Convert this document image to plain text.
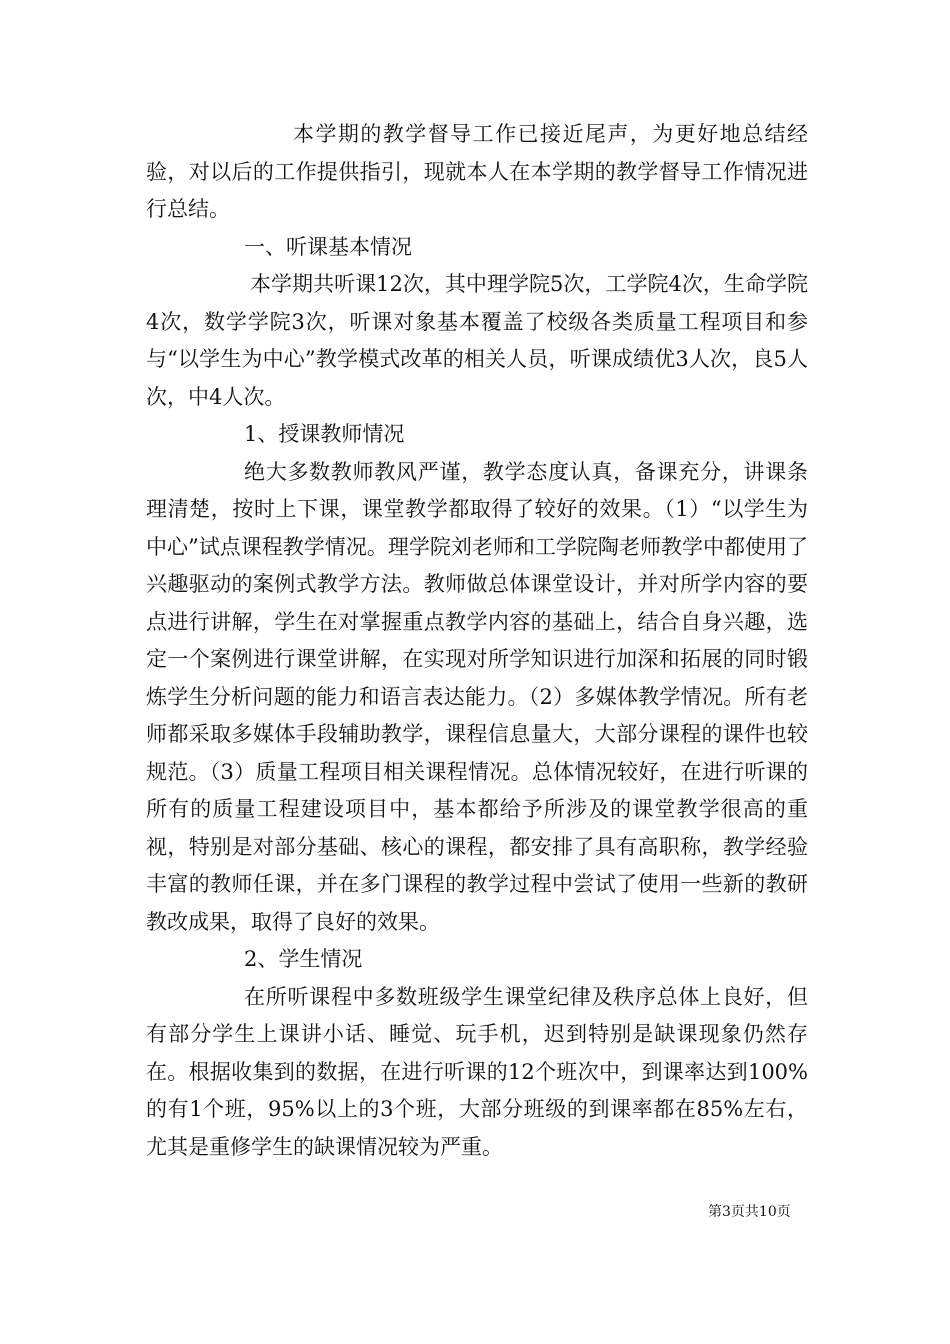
本学期的教学督导工作已接近尾声，为更好地总结经验，对以后的工作提供指引，现就本人在本学期的教学督导工作情况进行总结。

一、听课基本情况

本学期共听课12次，其中理学院5次，工学院4次，生命学院4次，数学学院3次，听课对象基本覆盖了校级各类质量工程项目和参与“以学生为中心”教学模式改革的相关人员，听课成绩优3人次，良5人次，中4人次。

1、授课教师情况

绝大多数教师教风严谨，教学态度认真，备课充分，讲课条理清楚，按时上下课，课堂教学都取得了较好的效果。（1）“以学生为中心”试点课程教学情况。理学院刘老师和工学院陶老师教学中都使用了兴趣驱动的案例式教学方法。教师做总体课堂设计，并对所学内容的要点进行讲解，学生在对掌握重点教学内容的基础上，结合自身兴趣，选定一个案例进行课堂讲解，在实现对所学知识进行加深和拓展的同时锻炼学生分析问题的能力和语言表达能力。（2）多媒体教学情况。所有老师都采取多媒体手段辅助教学，课程信息量大，大部分课程的课件也较规范。（3）质量工程项目相关课程情况。总体情况较好，在进行听课的所有的质量工程建设项目中，基本都给予所涉及的课堂教学很高的重视，特别是对部分基础、核心的课程，都安排了具有高职称，教学经验丰富的教师任课，并在多门课程的教学过程中尝试了使用一些新的教研教改成果，取得了良好的效果。

2、学生情况

在所听课程中多数班级学生课堂纪律及秩序总体上良好，但有部分学生上课讲小话、睡觉、玩手机，迟到特别是缺课现象仍然存在。根据收集到的数据，在进行听课的12个班次中，到课率达到100%的有1个班，95%以上的3个班，大部分班级的到课率都在85%左右，尤其是重修学生的缺课情况较为严重。

第3页共10页
